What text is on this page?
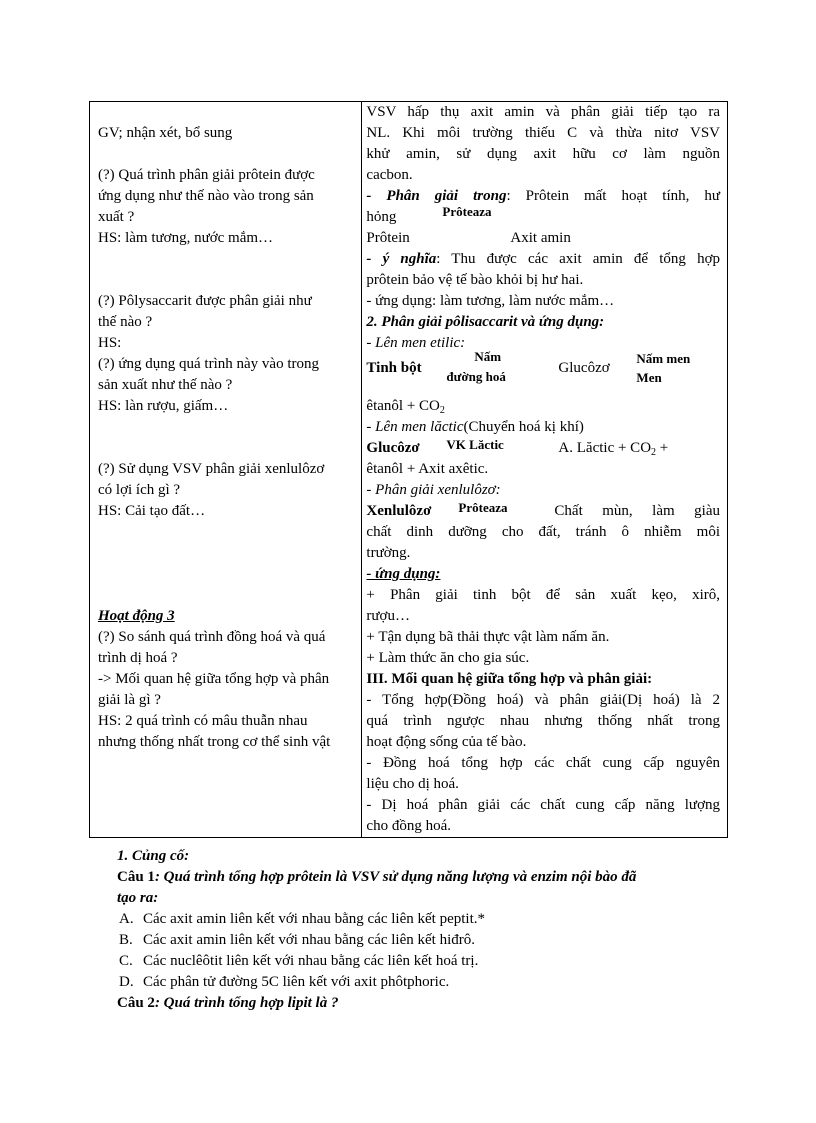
GV; nhận xét, bổ sung
(?) Quá trình phân giải prôtein được
ứng dụng như thế nào vào trong sản
xuất ?
HS: làm tương, nước mắm…
(?) Pôlysaccarit được phân giải như
thế nào ?
HS:
(?) ứng dụng quá trình này vào trong
sản xuất như thế nào ?
HS: làn rượu, giấm…
(?) Sử dụng VSV phân giải xenlulôzơ
có lợi ích gì ?
HS: Cải tạo đất…
Hoạt động 3
(?) So sánh quá trình đồng hoá và quá
trình dị hoá ?
-> Mối quan hệ giữa tổng hợp và phân
giải là gì ?
HS: 2 quá trình có mâu thuẫn nhau
nhưng thống nhất trong cơ thể sinh vật

VSV hấp thụ axit amin và phân giải tiếp tạo ra
NL. Khi môi trường thiếu C và thừa nitơ VSV
khử amin, sử dụng axit hữu cơ làm nguồn
cacbon.
- Phân giải trong: Prôtein mất hoạt tính, hư
hỏng	Prôteaza
Prôtein	Axit amin
- ý nghĩa: Thu được các axit amin để tổng hợp
prôtein bảo vệ tế bào khỏi bị hư hai.
- ứng dụng: làm tương, làm nước mắm…
2. Phân giải pôlisaccarit và ứng dụng:
- Lên men etilic:
Tinh bột
Nấm
đường hoá
Glucôzơ
Nấm men
Men
êtanôl + $CO_2$
- Lên men lăctic(Chuyển hoá kị khí)
Glucôzơ VK Lăctic	A. Lăctic + $CO_2$ +
êtanôl + Axit axêtic.
- Phân giải xenlulôzơ:
Xenlulôzơ Prôteaza	Chất mùn, làm giàu
chất dinh dưỡng cho đất, tránh ô nhiễm môi
trường.
- ứng dụng:
+ Phân giải tinh bột để sản xuất kẹo, xirô,
rượu…
+ Tận dụng bã thải thực vật làm nấm ăn.
+ Làm thức ăn cho gia súc.
III. Mối quan hệ giữa tổng hợp và phân giải:
- Tổng hợp(Đồng hoá) và phân giải(Dị hoá) là 2
quá trình ngược nhau nhưng thống nhất trong
hoạt động sống của tế bào.
- Đồng hoá tổng hợp các chất cung cấp nguyên
liệu cho dị hoá.
- Dị hoá phân giải các chất cung cấp năng lượng
cho đồng hoá.
1. Củng cố:
Câu 1: Quá trình tổng hợp prôtein là VSV sử dụng năng lượng và enzim nội bào đã
tạo ra:
A. Các axit amin liên kết với nhau bằng các liên kết peptit.*
B. Các axit amin liên kết với nhau bằng các liên kết hiđrô.
C. Các nuclêôtit liên kết với nhau bằng các liên kết hoá trị.
D. Các phân tử đường 5C liên kết với axit phôtphoric.
Câu 2: Quá trình tổng hợp lipit là ?
